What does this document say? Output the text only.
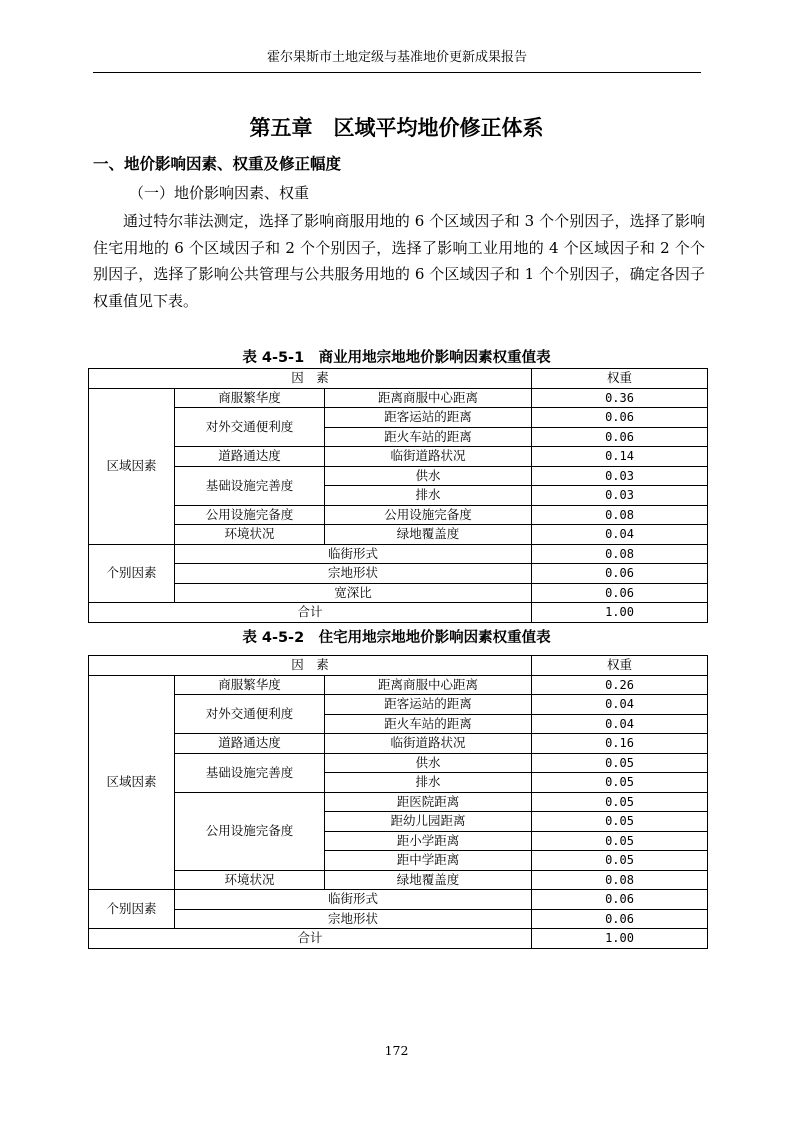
霍尔果斯市土地定级与基准地价更新成果报告
第五章　区域平均地价修正体系
一、地价影响因素、权重及修正幅度
（一）地价影响因素、权重
通过特尔菲法测定，选择了影响商服用地的 6 个区域因子和 3 个个别因子，选择了影响住宅用地的 6 个区域因子和 2 个个别因子，选择了影响工业用地的 4 个区域因子和 2 个个别因子，选择了影响公共管理与公共服务用地的 6 个区域因子和 1 个个别因子，确定各因子权重值见下表。
表 4-5-1　商业用地宗地地价影响因素权重值表
因　素			权重
区域因素	商服繁华度	距离商服中心距离	0.36
	对外交通便利度	距客运站的距离	0.06
		距火车站的距离	0.06
	道路通达度	临街道路状况	0.14
	基础设施完善度	供水	0.03
		排水	0.03
	公用设施完备度	公用设施完备度	0.08
	环境状况	绿地覆盖度	0.04
个别因素	临街形式		0.08
	宗地形状		0.06
	宽深比		0.06
合计			1.00
表 4-5-2　住宅用地宗地地价影响因素权重值表
因　素			权重
区域因素	商服繁华度	距离商服中心距离	0.26
	对外交通便利度	距客运站的距离	0.04
		距火车站的距离	0.04
	道路通达度	临街道路状况	0.16
	基础设施完善度	供水	0.05
		排水	0.05
	公用设施完备度	距医院距离	0.05
		距幼儿园距离	0.05
		距小学距离	0.05
		距中学距离	0.05
	环境状况	绿地覆盖度	0.08
个别因素	临街形式		0.06
	宗地形状		0.06
合计			1.00
172
